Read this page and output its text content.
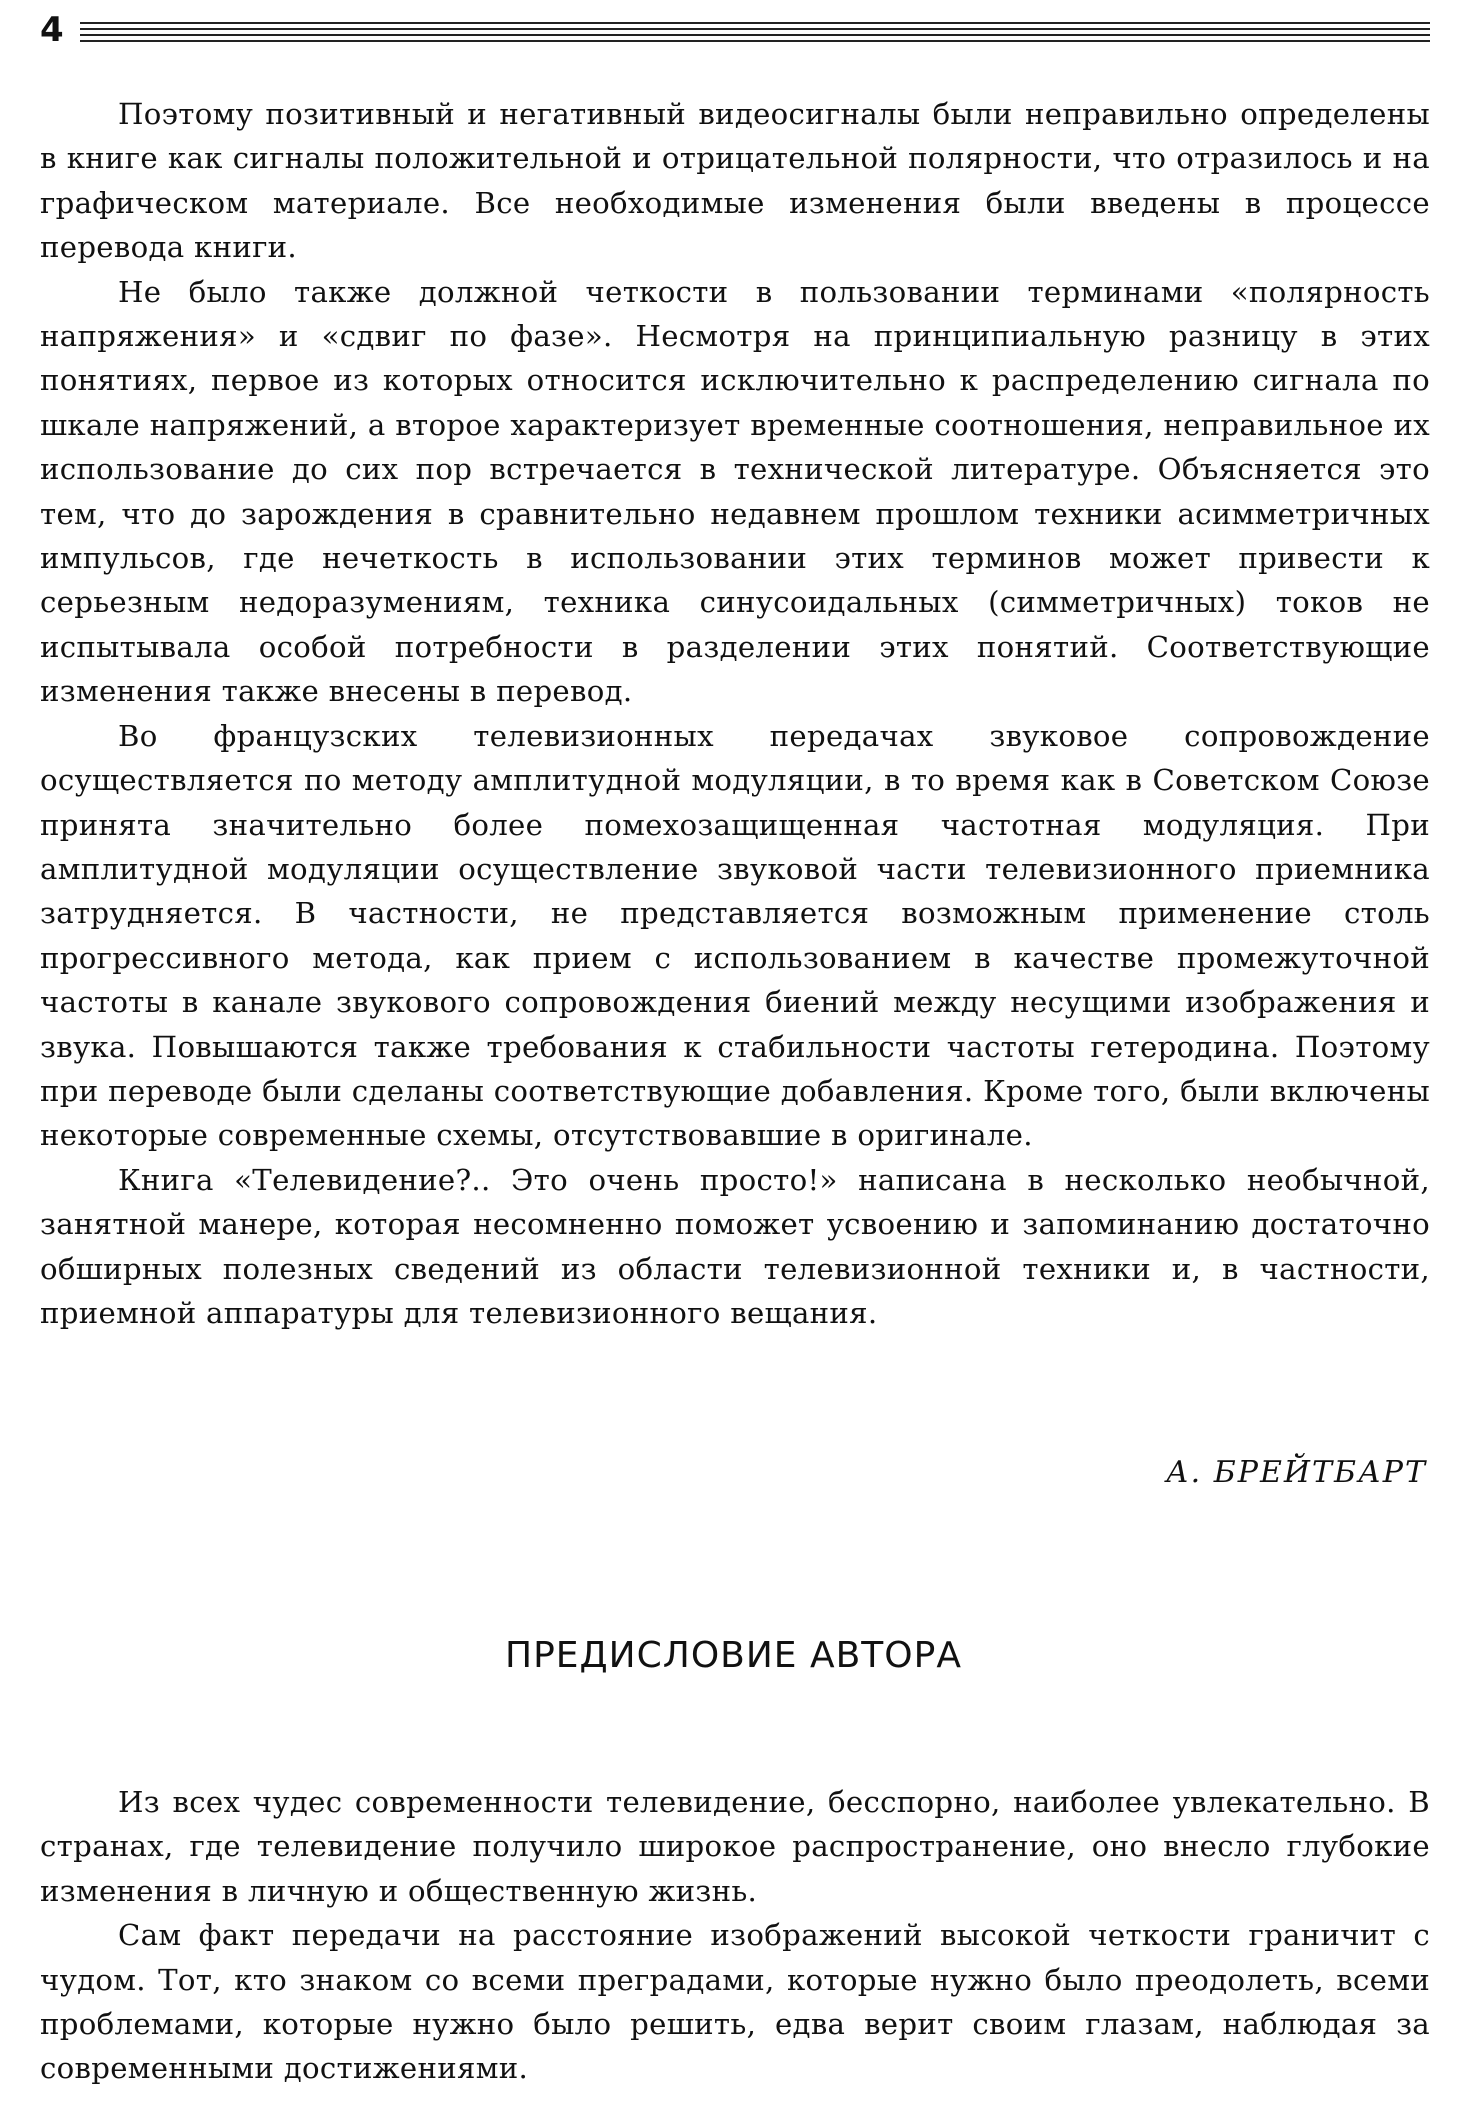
4

Поэтому позитивный и негативный видеосигналы были неправильно определены в книге как сигналы положительной и отрицательной полярности, что отразилось и на графическом материале. Все необходимые изменения были введены в процессе перевода книги.

Не было также должной четкости в пользовании терминами «полярность напряжения» и «сдвиг по фазе». Несмотря на принципиальную разницу в этих понятиях, первое из которых относится исключительно к распределению сигнала по шкале напряжений, а второе характеризует временные соотношения, неправильное их использование до сих пор встречается в технической литературе. Объясняется это тем, что до зарождения в сравнительно недавнем прошлом техники асимметричных импульсов, где нечеткость в использовании этих терминов может привести к серьезным недоразумениям, техника синусоидальных (симметричных) токов не испытывала особой потребности в разделении этих понятий. Соответствующие изменения также внесены в перевод.

Во французских телевизионных передачах звуковое сопровождение осуществляется по методу амплитудной модуляции, в то время как в Советском Союзе принята значительно более помехозащищенная частотная модуляция. При амплитудной модуляции осуществление звуковой части телевизионного приемника затрудняется. В частности, не представляется возможным применение столь прогрессивного метода, как прием с использованием в качестве промежуточной частоты в канале звукового сопровождения биений между несущими изображения и звука. Повышаются также требования к стабильности частоты гетеродина. Поэтому при переводе были сделаны соответствующие добавления. Кроме того, были включены некоторые современные схемы, отсутствовавшие в оригинале.

Книга «Телевидение?.. Это очень просто!» написана в несколько необычной, занятной манере, которая несомненно поможет усвоению и запоминанию достаточно обширных полезных сведений из области телевизионной техники и, в частности, приемной аппаратуры для телевизионного вещания.

А. БРЕЙТБАРТ
ПРЕДИСЛОВИЕ АВТОРА

Из всех чудес современности телевидение, бесспорно, наиболее увлекательно. В странах, где телевидение получило широкое распространение, оно внесло глубокие изменения в личную и общественную жизнь.

Сам факт передачи на расстояние изображений высокой четкости граничит с чудом. Тот, кто знаком со всеми преградами, которые нужно было преодолеть, всеми проблемами, которые нужно было решить, едва верит своим глазам, наблюдая за современными достижениями.
